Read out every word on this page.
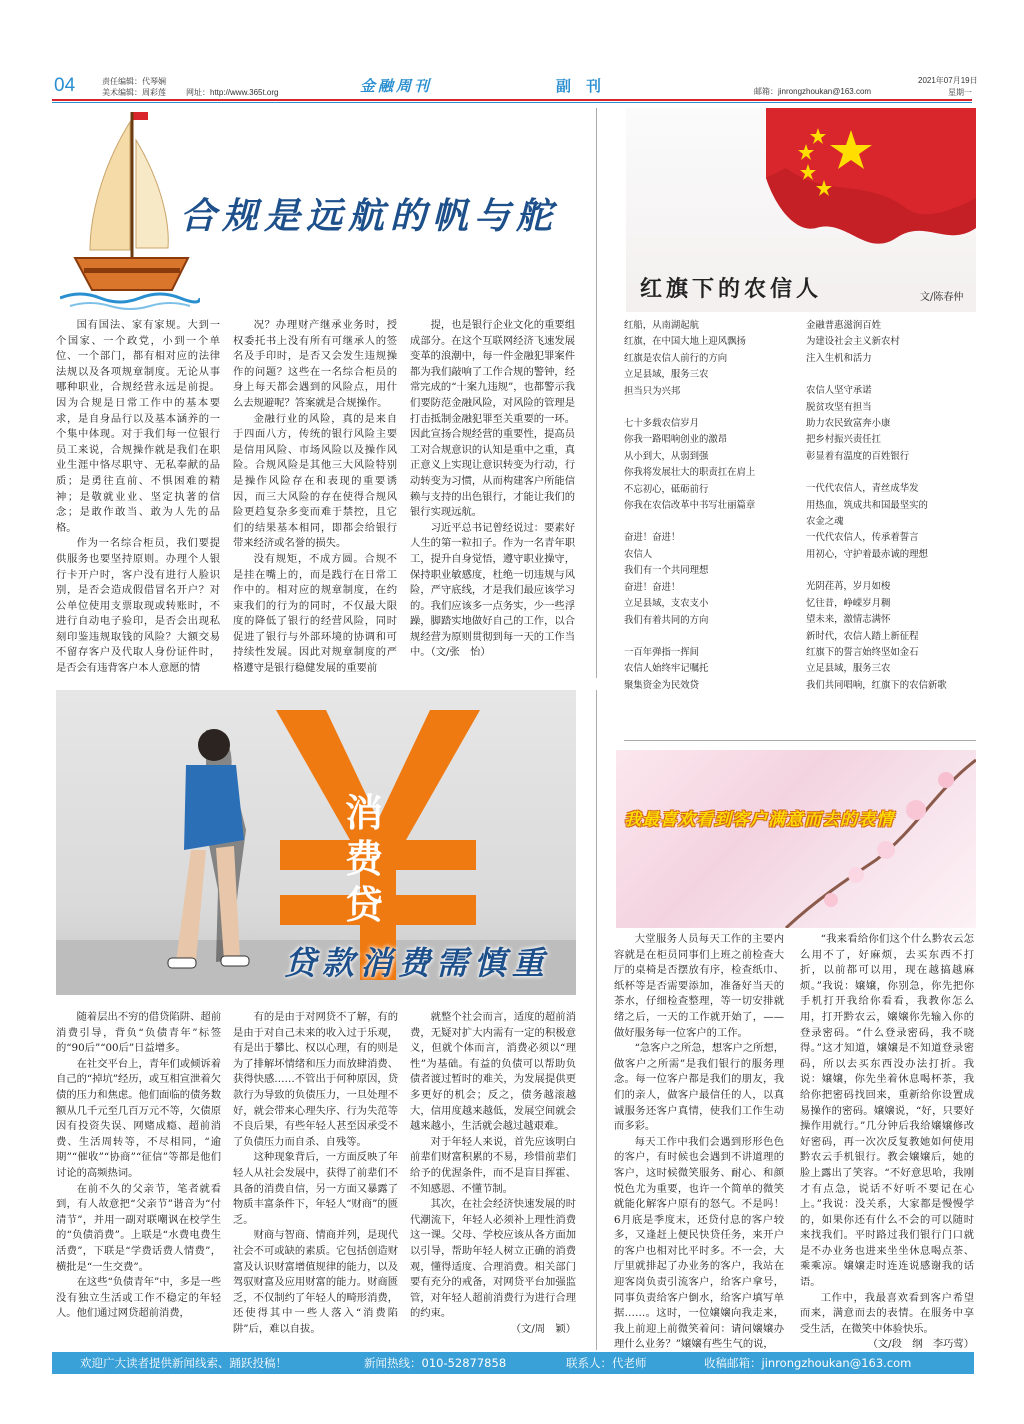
04	责任编辑：代琴娴
美术编辑：周彩莲	网址：http://www.365t.org	金融周刊	副　刊	邮箱：jinrongzhoukan@163.com
2021年07月19日
星期一
合规是远航的帆与舵

国有国法、家有家规。大到一个国家、一个政党，小到一个单位、一个部门，都有相对应的法律法规以及各项规章制度。无论从事哪种职业，合规经营永远是前提。因为合规是日常工作中的基本要求，是自身品行以及基本涵养的一个集中体现。对于我们每一位银行员工来说，合规操作就是我们在职业生涯中恪尽职守、无私奉献的品质；是勇往直前、不惧困难的精神；是敬就业业、坚定执著的信念；是敢作敢当、敢为人先的品格。

作为一名综合柜员，我们要提供服务也要坚持原则。办理个人银行卡开户时，客户没有进行人脸识别，是否会造成假借冒名开户？对公单位使用支票取现或转账时，不进行自动电子验印，是否会出现私刻印鉴违规取钱的风险？大额交易不留存客户及代取人身份证件时，是否会有违背客户本人意愿的情

况？办理财产继承业务时，授权委托书上没有所有可继承人的签名及手印时，是否又会发生违规操作的问题？这些在一名综合柜员的身上每天都会遇到的风险点，用什么去规避呢？答案就是合规操作。

金融行业的风险，真的是来自于四面八方，传统的银行风险主要是信用风险、市场风险以及操作风险。合规风险是其他三大风险特别是操作风险存在和表现的重要诱因，而三大风险的存在使得合规风险更趋复杂多变而难于禁控，且它们的结果基本相同，即都会给银行带来经济或名誉的损失。

没有规矩，不成方圆。合规不是挂在嘴上的，而是践行在日常工作中的。相对应的规章制度，在约束我们的行为的同时，不仅最大限度的降低了银行的经营风险，同时促进了银行与外部环境的协调和可持续性发展。因此对规章制度的严格遵守是银行稳健发展的重要前

提，也是银行企业文化的重要组成部分。在这个互联网经济飞速发展变革的浪潮中，每一件金融犯罪案件都为我们敲响了工作合规的警钟，经常完成的“十案九违规”，也都警示我们要防范金融风险，对风险的管理是打击抵制金融犯罪至关重要的一环。因此宣扬合规经营的重要性，提高员工对合规意识的认知是重中之重，真正意义上实现让意识转变为行动，行动转变为习惯，从而构建客户所能信赖与支持的出色银行，才能让我们的银行实现远航。

习近平总书记曾经说过：要素好人生的第一粒扣子。作为一名青年职工，提升自身觉悟，遵守职业操守，保持职业敏感度，杜绝一切违规与风险，严守底线，才是我们最应该学习的。我们应该多一点务实，少一些浮躁，脚踏实地做好自己的工作，以合规经营为原则贯彻到每一天的工作当中。（文/张　怡）

红旗下的农信人	文/陈春仲
红船，从南湖起航
红旗，在中国大地上迎风飘扬
红旗是农信人前行的方向
立足县域，服务三农
担当只为兴邦
七十多载农信岁月
你我一路唱响创业的激昂
从小到大，从弱到强
你我将发展壮大的职责扛在肩上
不忘初心，砥砺前行
你我在农信改革中书写壮丽篇章
奋进！奋进！
农信人
我们有一个共同理想
奋进！奋进！
立足县域，支农支小
我们有着共同的方向
一百年弹指一挥间
农信人始终牢记嘱托
聚集资金为民效贷
金融普惠滋润百姓
为建设社会主义新农村
注入生机和活力
农信人坚守承诺
脱贫攻坚有担当
助力农民致富奔小康
把乡村振兴责任扛
彰显着有温度的百姓银行
一代代农信人，青丝成华发
用热血，筑成共和国最坚实的
农金之魂
一代代农信人，传承着誓言
用初心，守护着最赤诚的理想
光阴荏苒，岁月如梭
忆往昔，峥嵘岁月稠
望未来，激情志满怀
新时代，农信人踏上新征程
红旗下的誓言始终坚如金石
立足县域，服务三农
我们共同唱响，红旗下的农信新歌
消费贷
贷款消费需慎重

随着层出不穷的借贷陷阱、超前消费引导，背负“负债青年”标签的“90后”“00后”日益增多。

在社交平台上，青年们或倾诉着自己的“掉坑”经历，或互相宣泄着欠债的压力和焦虑。他们面临的债务数额从几千元至几百万元不等，欠债原因有投资失误、网赌成瘾、超前消费、生活周转等，不尽相同，“逾期”“催收”“协商”“征信”等都是他们讨论的高频热词。

在前不久的父亲节，笔者就看到，有人故意把“父亲节”谐音为“付清节”，并用一副对联嘲讽在校学生的“负债消费”。上联是“水费电费生活费”，下联是“学费话费人情费”，横批是“一生交费”。

在这些“负债青年”中，多是一些没有独立生活或工作不稳定的年轻人。他们通过网贷超前消费，

有的是由于对网贷不了解，有的是由于对自己未来的收入过于乐观，有是出于攀比、权以心理，有的则是为了排解坏情绪和压力而放肆消费、获得快感……不管出于何种原因，贷款行为导致的负债压力，一旦处理不好，就会带来心理失序、行为失范等不良后果，有些年轻人甚至因承受不了负债压力而自杀、自残等。

这种现象背后，一方面反映了年轻人从社会发展中，获得了前辈们不具备的消费自信，另一方面又暴露了物质丰富条件下，年轻人“财商”的匮乏。

财商与智商、情商并列，是现代社会不可或缺的素质。它包括创造财富及认识财富增值规律的能力，以及驾驭财富及应用财富的能力。财商匮乏，不仅制约了年轻人的畸形消费，还使得其中一些人落入“消费陷阱”后，难以自拔。

就整个社会而言，适度的超前消费，无疑对扩大内需有一定的积极意义，但就个体而言，消费必须以“理性”为基础。有益的负债可以帮助负债者渡过暂时的难关，为发展提供更多更好的机会；反之，债务越滚越大，信用度越来越低，发展空间就会越来越小，生活就会越过越艰难。

对于年轻人来说，首先应该明白前辈们财富积累的不易，珍惜前辈们给予的优渥条件，而不是盲目挥霍、不知感恩、不懂节制。

其次，在社会经济快速发展的时代潮流下，年轻人必须补上理性消费这一课。父母、学校应该从各方面加以引导，帮助年轻人树立正确的消费观，懂得适度、合理消费。相关部门要有充分的戒备，对网贷平台加强监管，对年轻人超前消费行为进行合理的约束。

（文/周　颖）

我最喜欢看到客户满意而去的表情

大堂服务人员每天工作的主要内容就是在柜员同事们上班之前检查大厅的桌椅是否摆放有序，检查纸巾、纸杯等是否需要添加，准备好当天的茶水，仔细检查整理，等一切安排就绪之后，一天的工作就开始了，——做好服务每一位客户的工作。

“急客户之所急，想客户之所想，做客户之所需”是我们银行的服务理念。每一位客户都是我们的朋友，我们的亲人，做客户最信任的人，以真诚服务还客户真情，使我们工作生动而多彩。

每天工作中我们会遇到形形色色的客户，有时候也会遇到不讲道理的客户，这时候微笑服务、耐心、和颜悦色尤为重要，也许一个简单的微笑就能化解客户原有的怒气。不是吗！6月底是季度末，还贷付息的客户较多，又逢赶上便民快贷任务，来开户的客户也相对比平时多。不一会，大厅里就排起了办业务的客户，我站在迎客岗负责引流客户，给客户拿号，同事负责给客户倒水，给客户填写单据……。这时，一位嬢嬢向我走来，我上前迎上前微笑着问：请问嬢嬢办理什么业务？”嬢嬢有些生气的说，

“我来看给你们这个什么黔农云怎么用不了，好麻烦，去买东西不打折，以前都可以用，现在越搞越麻烦。”我说：嬢嬢，你别急，你先把你手机打开我给你看看，我教你怎么用，打开黔农云，嬢嬢你先输入你的登录密码。“什么登录密码，我不晓得。”这才知道，嬢嬢是不知道登录密码，所以去买东西没办法打折。我说：嬢嬢，你先坐着休息喝杯茶，我给你把密码找回来，重新给你设置成易操作的密码。嬢嬢说，“好，只要好操作用就行。”几分钟后我给嬢嬢修改好密码，再一次次反复教她如何使用黔农云手机银行。教会嬢嬢后，她的脸上露出了笑容。“不好意思哈，我刚才有点急，说话不好听不要记在心上。”我说：没关系，大家都是慢慢学的，如果你还有什么不会的可以随时来找我们。平时路过我们银行门口就是不办业务也进来坐坐休息喝点茶、乘乘凉。嬢嬢走时连连说感谢我的话语。

工作中，我最喜欢看到客户希望而来，满意而去的表情。在服务中享受生活，在微笑中体验快乐。

（文/段　纲　李巧莺）

欢迎广大读者提供新闻线索、踊跃投稿！	新闻热线：010-52877858	联系人：代老师	收稿邮箱：jinrongzhoukan@163.com
